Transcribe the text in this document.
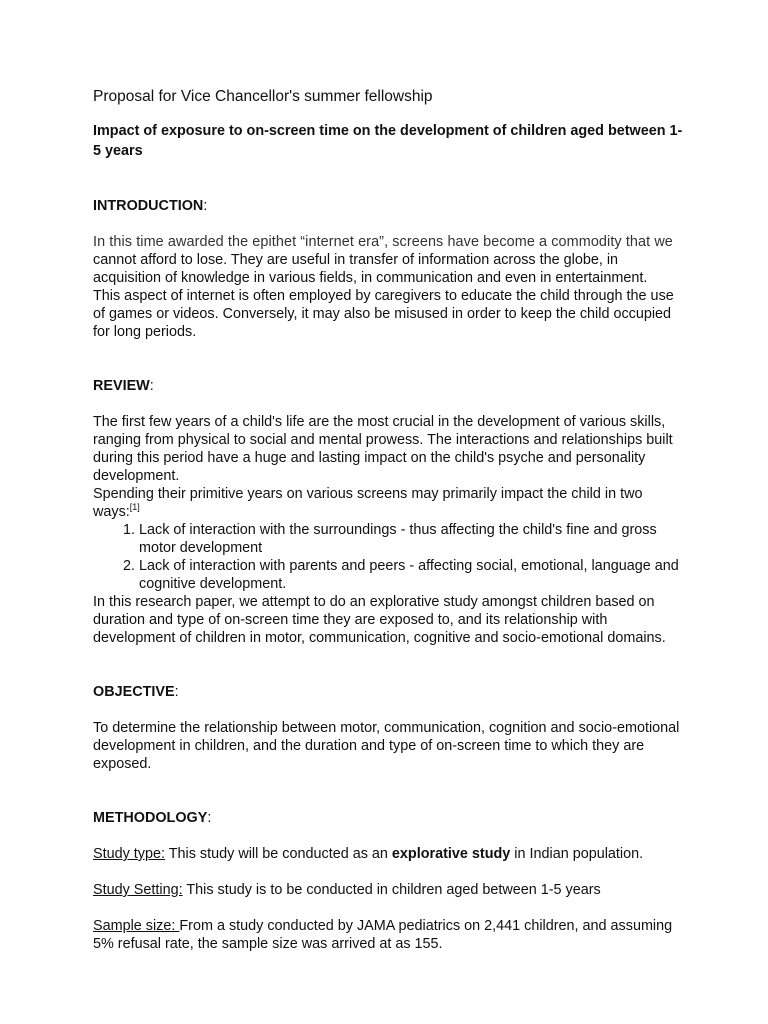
Proposal for Vice Chancellor's summer fellowship

Impact of exposure to on-screen time on the development of children aged between 1-5 years

INTRODUCTION:

In this time awarded the epithet “internet era”, screens have become a commodity that we cannot afford to lose. They are useful in transfer of information across the globe, in acquisition of knowledge in various fields, in communication and even in entertainment.

This aspect of internet is often employed by caregivers to educate the child through the use of games or videos. Conversely, it may also be misused in order to keep the child occupied for long periods.

REVIEW:

The first few years of a child's life are the most crucial in the development of various skills, ranging from physical to social and mental prowess. The interactions and relationships built during this period have a huge and lasting impact on the child's psyche and personality development.

Spending their primitive years on various screens may primarily impact the child in two ways:[1]

1. Lack of interaction with the surroundings - thus affecting the child's fine and gross motor development
2. Lack of interaction with parents and peers - affecting social, emotional, language and cognitive development.

In this research paper, we attempt to do an explorative study amongst children based on duration and type of on-screen time they are exposed to, and its relationship with development of children in motor, communication, cognitive and socio-emotional domains.

OBJECTIVE:

To determine the relationship between motor, communication, cognition and socio-emotional development in children, and the duration and type of on-screen time to which they are exposed.

METHODOLOGY:

Study type: This study will be conducted as an explorative study in Indian population.

Study Setting: This study is to be conducted in children aged between 1-5 years

Sample size: From a study conducted by JAMA pediatrics on 2,441 children, and assuming 5% refusal rate, the sample size was arrived at as 155.
